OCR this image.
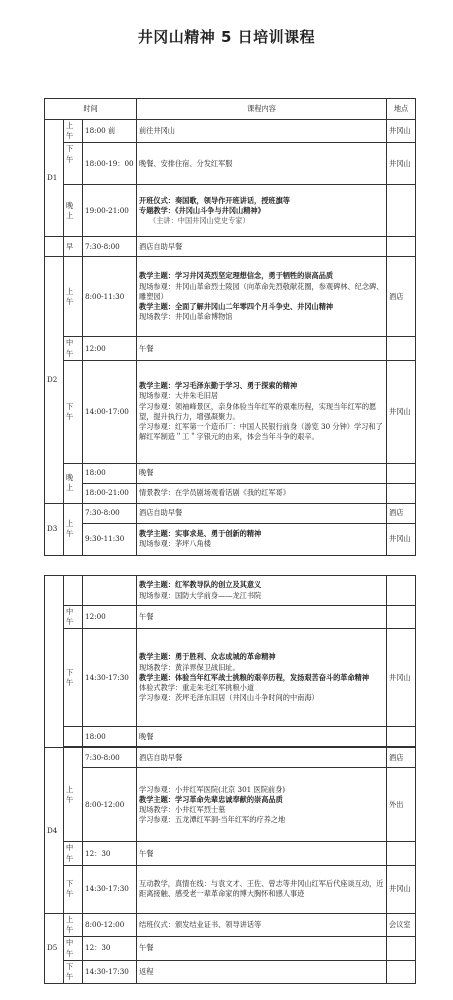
井冈山精神 5 日培训课程
时间			课程内容	地点
D1	上午	18:00 前	前往井冈山	井冈山
	下午	18:00-19：00	晚餐、安排住宿、分发红军服	井冈山
	晚上	19:00-21:00	开班仪式：奏国歌，领导作开班讲话，授班旗等
专题教学：《井冈山斗争与井冈山精神》
（主讲：中国井冈山党史专家）	

	早	7:30-8:00	酒店自助早餐	
D2	上午	8:00-11:30	教学主题：学习井冈英烈坚定理想信念，勇于牺牲的崇高品质
现场参观：井冈山革命烈士陵园（向革命先烈敬献花圈，参观碑林、纪念碑、雕塑园）
教学主题：全面了解井冈山二年零四个月斗争史、井冈山精神
现场教学：井冈山革命博物馆	酒店
	中午	12:00	午餐	
	下午	14:00-17:00	教学主题：学习毛泽东勤于学习、勇于探索的精神
现场参观：大井朱毛旧居
学习参观：领袖峰景区，亲身体验当年红军的艰难历程，实现当年红军的愿望，提升执行力，增强凝聚力。
学习参观：红军第一个造币厂：中国人民银行前身（游览 30 分钟）学习和了解红军制造＂工＂字银元的由来，体会当年斗争的艰辛。	井冈山
	晚上	18:00	晚餐	
		18:00-21:00	情景教学：在学员剧场观看话剧《我的红军哥》	
D3	上午	7:30-8:00	酒店自助早餐	酒店
		9:30-11:30	教学主题：实事求是、勇于创新的精神
现场参观：茅坪八角楼	井冈山

			教学主题：红军教导队的创立及其意义
现场参观：国防大学前身——龙江书院	

	中午	12:00	午餐	
	下午	14:30-17:30	教学主题：勇于胜利、众志成城的革命精神
现场教学：黄洋界保卫战旧址。
教学主题：体验当年红军战士挑粮的艰辛历程，发扬艰苦奋斗的革命精神
体验式教学：重走朱毛红军挑粮小道
学习参观：茨坪毛泽东旧居（井冈山斗争时间的中南海）	井冈山
		18:00	晚餐	

D4	上午	7:30-8:00	酒店自助早餐	酒店
		8:00-12:00	学习参观：小井红军医院(北京 301 医院前身)
教学主题：学习革命先辈忠诚奉献的崇高品质
现场教学：小井红军烈士墓
学习参观：五龙潭红军洞-当年红军的疗养之地	外出
	中午	12：30	午餐	
	下午	14:30-17:30	互动教学，真情在线：与袁文才、王佐、曾志等井冈山红军后代座谈互动，近距离接触、感受老一辈革命家的博大胸怀和感人事迹	井冈山
D5	上午	8:00-12:00	结班仪式：颁发结业证书、领导讲话等	会议室
	中午	12：30	午餐	
	下午	14:30-17:30	返程	
